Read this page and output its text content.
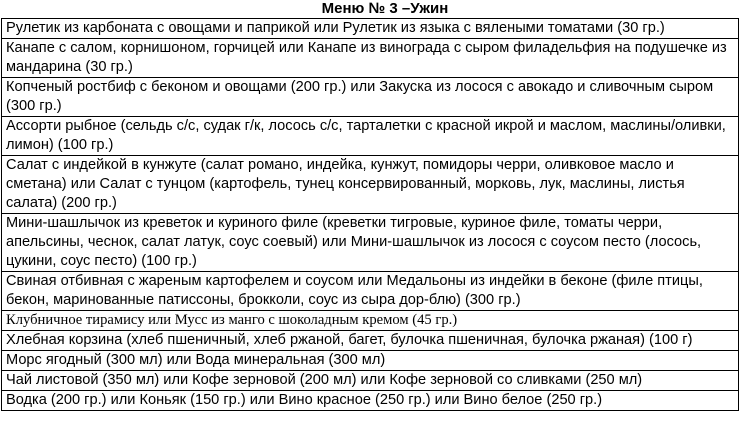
Меню № 3 –Ужин
Рулетик из карбоната с овощами и паприкой или Рулетик из языка с вялеными томатами (30 гр.)
Канапе с салом, корнишоном, горчицей или Канапе из винограда с сыром филадельфия на подушечке из мандарина (30 гр.)
Копченый ростбиф с беконом и овощами (200 гр.) или Закуска из лосося с авокадо и сливочным сыром (300 гр.)
Ассорти рыбное (сельдь с/с, судак г/к, лосось с/с, тарталетки с красной икрой и маслом, маслины/оливки, лимон) (100 гр.)
Салат с индейкой в кунжуте (салат романо, индейка, кунжут, помидоры черри, оливковое масло и сметана) или Салат с тунцом (картофель, тунец консервированный, морковь, лук, маслины, листья салата) (200 гр.)
Мини-шашлычок из креветок и куриного филе (креветки тигровые, куриное филе, томаты черри, апельсины, чеснок, салат латук, соус соевый) или Мини-шашлычок из лосося с соусом песто (лосось, цукини, соус песто) (100 гр.)
Свиная отбивная с жареным картофелем и соусом или Медальоны из индейки в беконе (филе птицы, бекон, маринованные патиссоны, брокколи, соус из сыра дор-блю) (300 гр.)
Клубничное тирамису или Мусс из манго с шоколадным кремом (45 гр.)
Хлебная корзина (хлеб пшеничный, хлеб ржаной, багет, булочка пшеничная, булочка ржаная) (100 г)
Морс ягодный (300 мл) или Вода минеральная (300 мл)
Чай листовой (350 мл) или Кофе зерновой (200 мл) или Кофе зерновой со сливками (250 мл)
Водка (200 гр.) или Коньяк (150 гр.) или Вино красное (250 гр.) или Вино белое (250 гр.)
